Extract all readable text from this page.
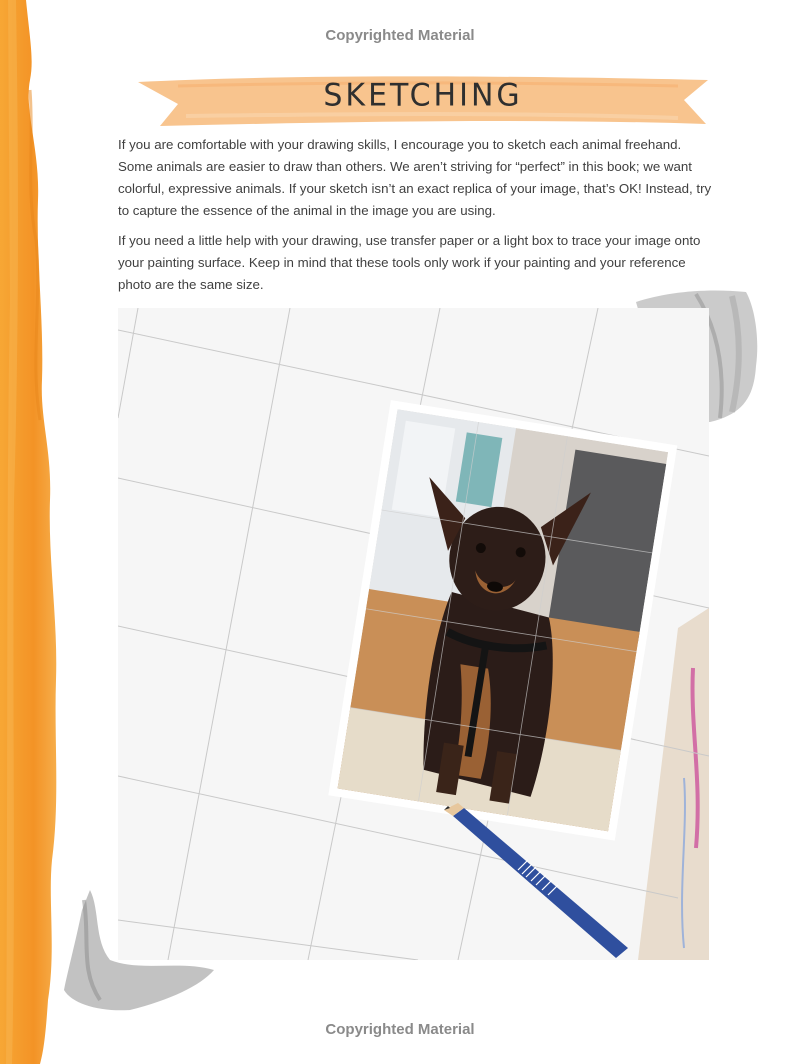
Copyrighted Material
SKETCHING

If you are comfortable with your drawing skills, I encourage you to sketch each animal freehand. Some animals are easier to draw than others. We aren’t striving for “perfect” in this book; we want colorful, expressive animals. If your sketch isn’t an exact replica of your image, that’s OK! Instead, try to capture the essence of the animal in the image you are using.

If you need a little help with your drawing, use transfer paper or a light box to trace your image onto your painting surface. Keep in mind that these tools only work if your painting and your reference photo are the same size.

Copyrighted Material
